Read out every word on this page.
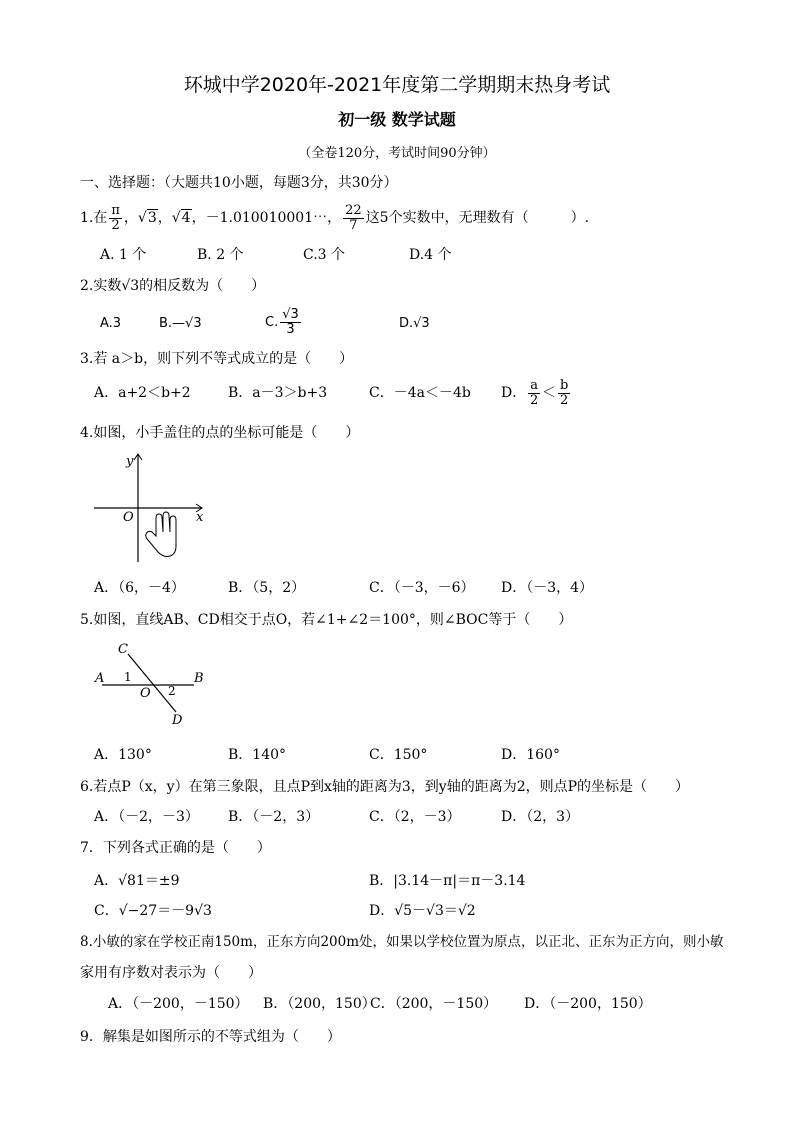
环城中学2020年-2021年度第二学期期末热身考试
初一级 数学试题
（全卷120分，考试时间90分钟）
一、选择题：（大题共10小题，每题3分，共30分）
1.在 $\frac{\pi}{2}$ ， √3 ， √4 ，－1.010010001⋯， $\frac{22}{7}$ 这5个实数中，无理数有（　　　）.
A. 1 个	B. 2 个	C.3 个	D.4 个
2.实数√3的相反数为（　　）
A.3	B.—√3	C. $\frac{√3}{3}$	D.√3
3.若 a＞b，则下列不等式成立的是（　　）
A．a+2＜b+2	B．a－3＞b+3	C．－4a＜－4b D． $\frac{a}{2} < \frac{b}{2}$
4.如图，小手盖住的点的坐标可能是（　　）
y
x
O
A．（6，－4）	B．（5，2）	C．（－3，－6） D．（－3，4）
5.如图，直线AB、CD相交于点O，若∠1+∠2＝100°，则∠BOC等于（　　）
A	B
C
D
O
1
2
A．130°	B．140°	C．150°	D．160°
6.若点P（x，y）在第三象限，且点P到x轴的距离为3，到y轴的距离为2，则点P的坐标是（　　）
A．（－2，－3） B．（－2，3）	C．（2，－3）	D．（2，3）
7．下列各式正确的是（　　）
A．√81＝±9	B．|3.14－π|＝π－3.14
C．√−27＝－9√3	D．√5－√3＝√2
8.小敏的家在学校正南150m，正东方向200m处，如果以学校位置为原点，以正北、正东为正方向，则小敏
家用有序数对表示为（　　）
A．（－200，－150） B．（200，150）
C．（200，－150） D．（－200，150）
9．解集是如图所示的不等式组为（　　）
